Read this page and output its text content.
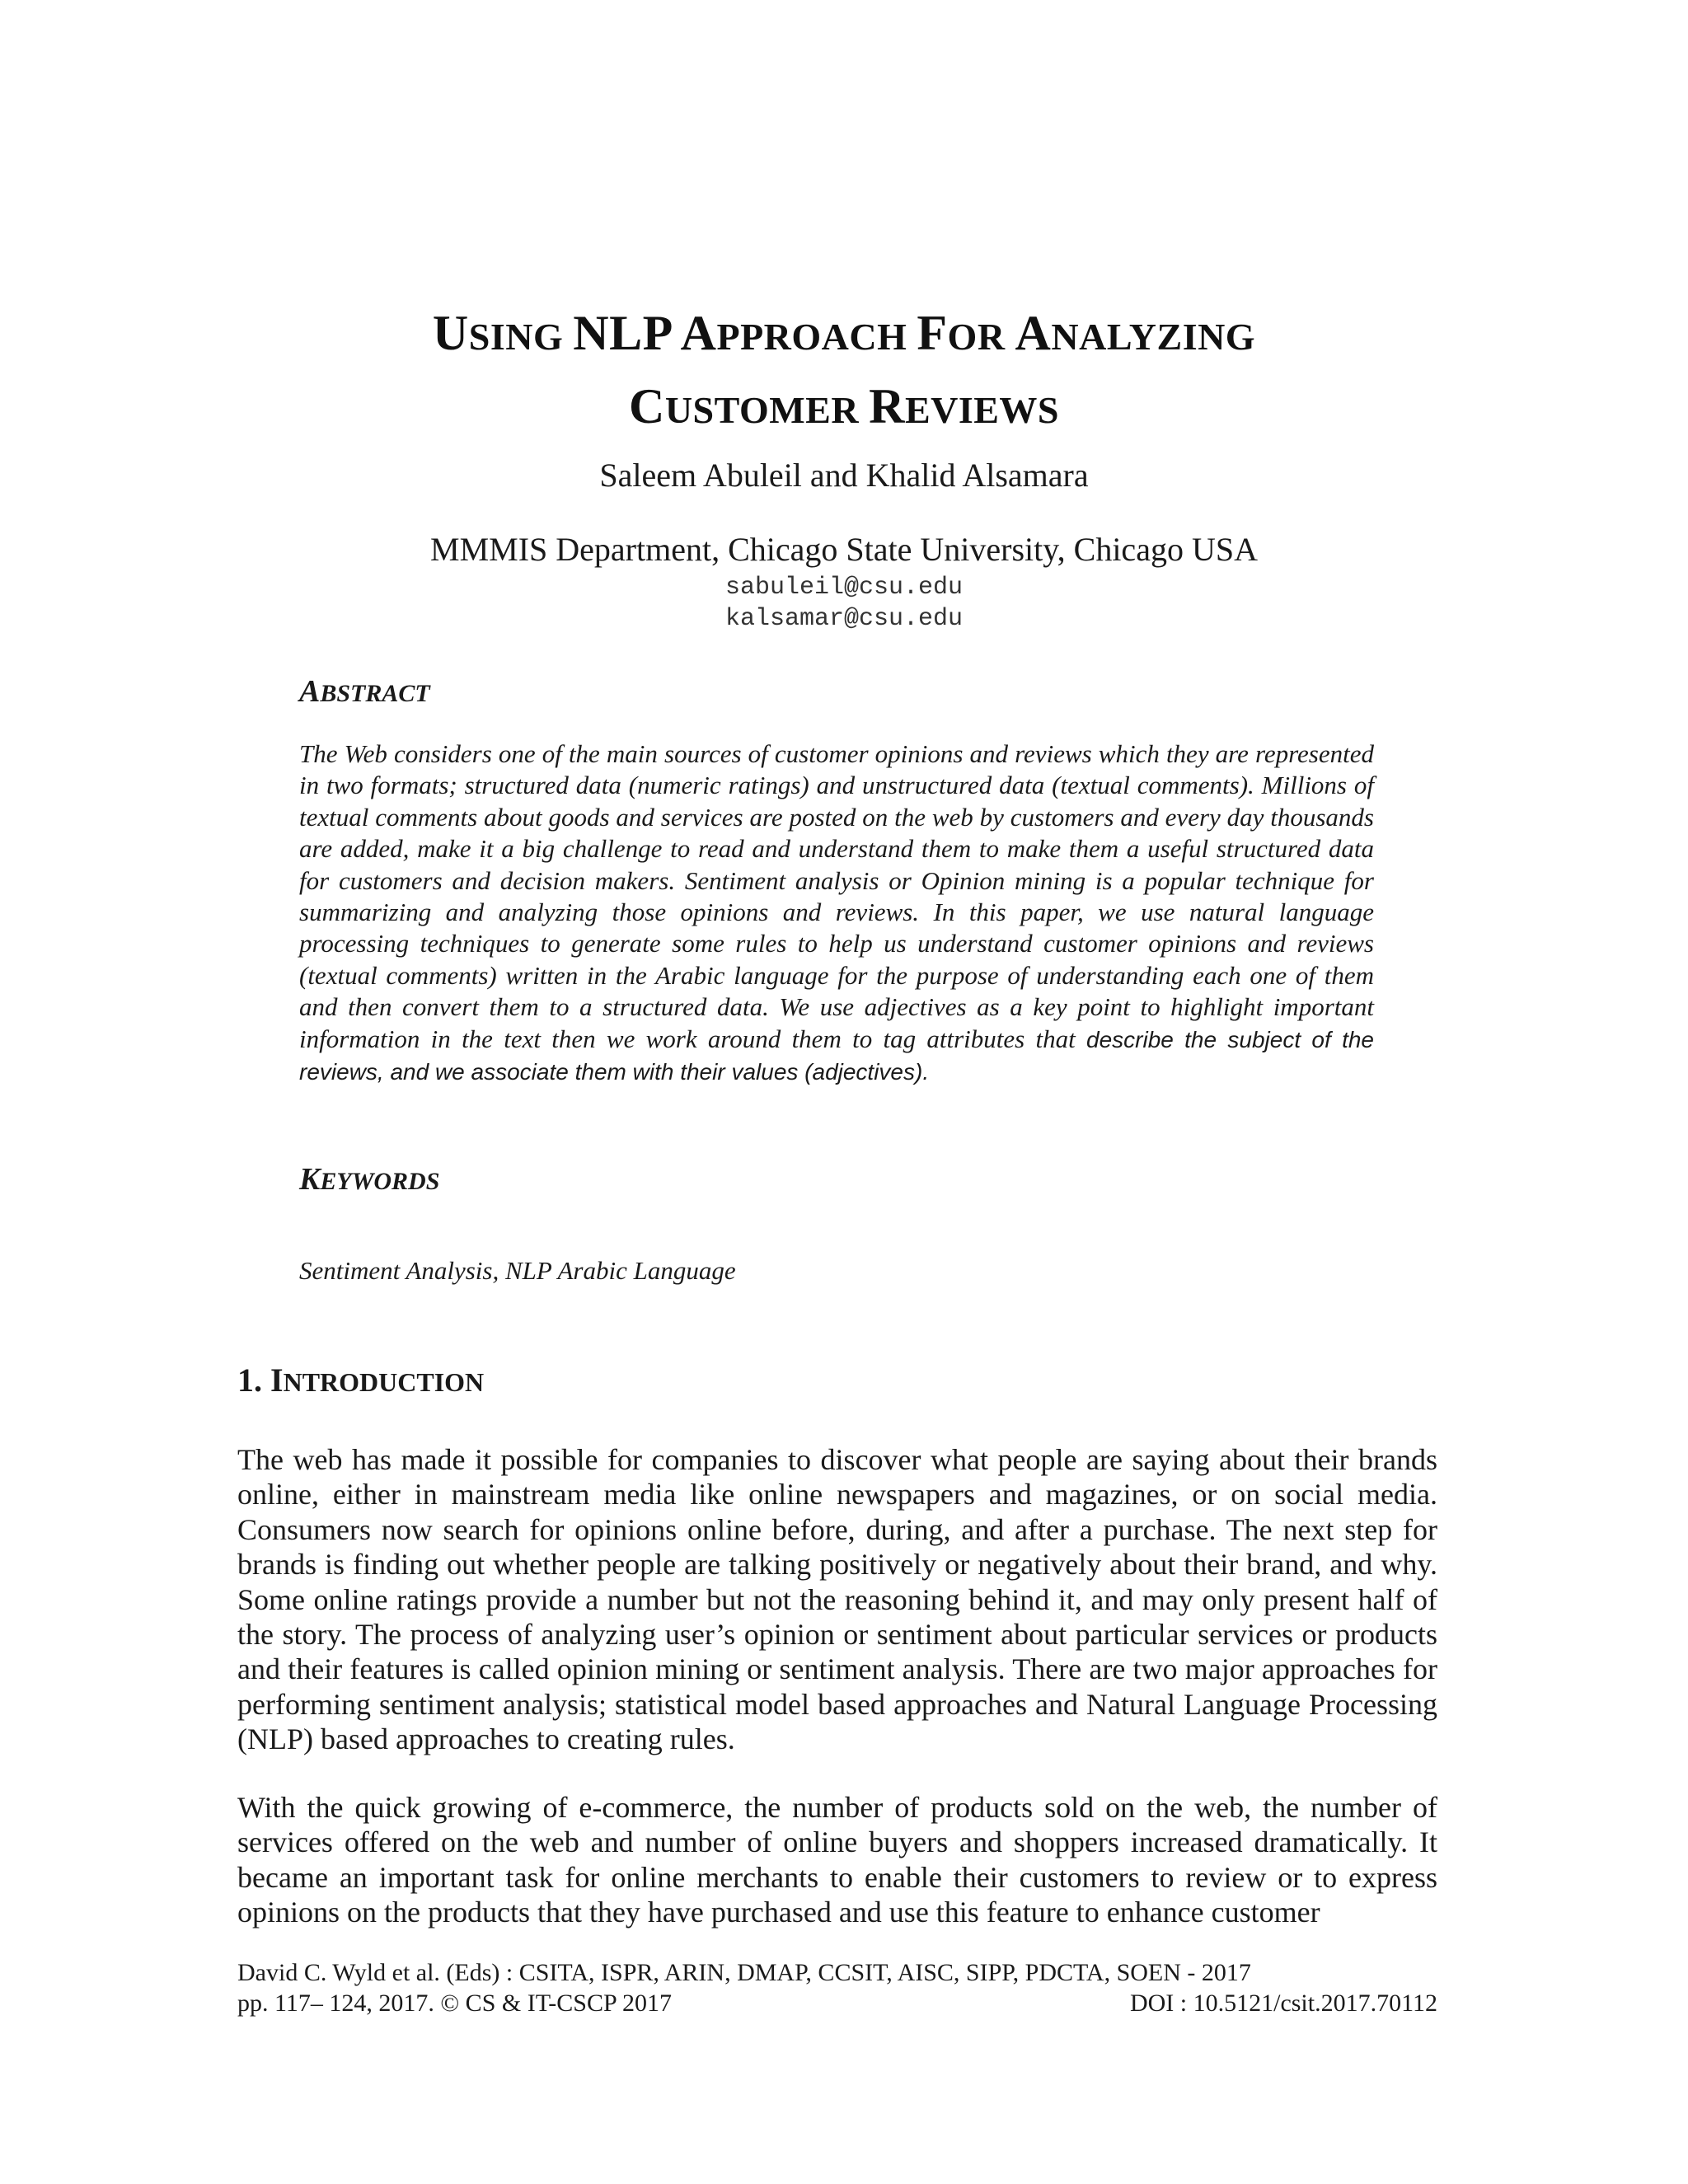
USING NLP APPROACH FOR ANALYZING
CUSTOMER REVIEWS
Saleem Abuleil and Khalid Alsamara
MMMIS Department, Chicago State University, Chicago USA
sabuleil@csu.edu
kalsamar@csu.edu
ABSTRACT
The Web considers one of the main sources of customer opinions and reviews which they are represented in two formats; structured data (numeric ratings) and unstructured data (textual comments). Millions of textual comments about goods and services are posted on the web by customers and every day thousands are added, make it a big challenge to read and understand them to make them a useful structured data for customers and decision makers. Sentiment analysis or Opinion mining is a popular technique for summarizing and analyzing those opinions and reviews. In this paper, we use natural language processing techniques to generate some rules to help us understand customer opinions and reviews (textual comments) written in the Arabic language for the purpose of understanding each one of them and then convert them to a structured data. We use adjectives as a key point to highlight important information in the text then we work around them to tag attributes that describe the subject of the reviews, and we associate them with their values (adjectives).
KEYWORDS
Sentiment Analysis, NLP Arabic Language
1. INTRODUCTION
The web has made it possible for companies to discover what people are saying about their brands online, either in mainstream media like online newspapers and magazines, or on social media. Consumers now search for opinions online before, during, and after a purchase. The next step for brands is finding out whether people are talking positively or negatively about their brand, and why. Some online ratings provide a number but not the reasoning behind it, and may only present half of the story. The process of analyzing user’s opinion or sentiment about particular services or products and their features is called opinion mining or sentiment analysis. There are two major approaches for performing sentiment analysis; statistical model based approaches and Natural Language Processing (NLP) based approaches to creating rules.
With the quick growing of e-commerce, the number of products sold on the web, the number of services offered on the web and number of online buyers and shoppers increased dramatically. It became an important task for online merchants to enable their customers to review or to express opinions on the products that they have purchased and use this feature to enhance customer
David C. Wyld et al. (Eds) : CSITA, ISPR, ARIN, DMAP, CCSIT, AISC, SIPP, PDCTA, SOEN - 2017
pp. 117– 124, 2017. © CS & IT-CSCP 2017	DOI : 10.5121/csit.2017.70112
